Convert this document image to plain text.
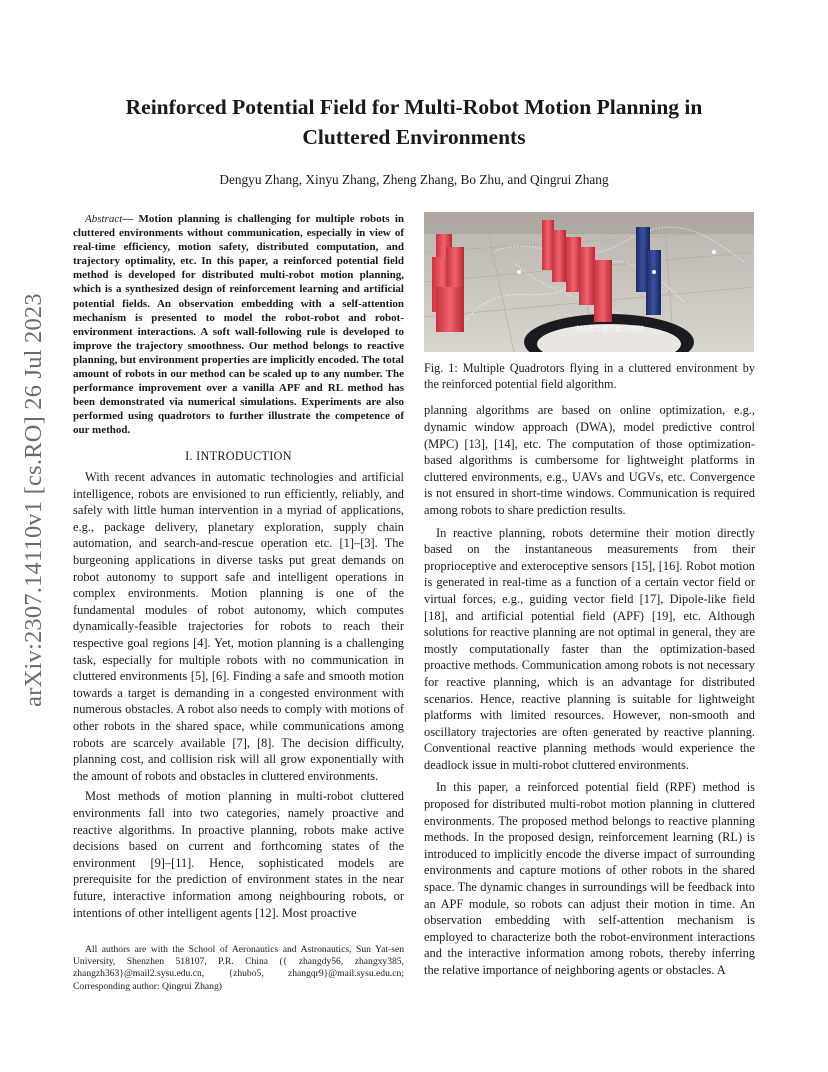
arXiv:2307.14110v1 [cs.RO] 26 Jul 2023
Reinforced Potential Field for Multi-Robot Motion Planning in
Cluttered Environments
Dengyu Zhang, Xinyu Zhang, Zheng Zhang, Bo Zhu, and Qingrui Zhang
Abstract— Motion planning is challenging for multiple robots in cluttered environments without communication, especially in view of real-time efficiency, motion safety, distributed computation, and trajectory optimality, etc. In this paper, a reinforced potential field method is developed for distributed multi-robot motion planning, which is a synthesized design of reinforcement learning and artificial potential fields. An observation embedding with a self-attention mechanism is presented to model the robot-robot and robot-environment interactions. A soft wall-following rule is developed to improve the trajectory smoothness. Our method belongs to reactive planning, but environment properties are implicitly encoded. The total amount of robots in our method can be scaled up to any number. The performance improvement over a vanilla APF and RL method has been demonstrated via numerical simulations. Experiments are also performed using quadrotors to further illustrate the competence of our method.
I. INTRODUCTION

With recent advances in automatic technologies and artificial intelligence, robots are envisioned to run efficiently, reliably, and safely with little human intervention in a myriad of applications, e.g., package delivery, planetary exploration, supply chain automation, and search-and-rescue operation etc. [1]–[3]. The burgeoning applications in diverse tasks put great demands on robot autonomy to support safe and intelligent operations in complex environments. Motion planning is one of the fundamental modules of robot autonomy, which computes dynamically-feasible trajectories for robots to reach their respective goal regions [4]. Yet, motion planning is a challenging task, especially for multiple robots with no communication in cluttered environments [5], [6]. Finding a safe and smooth motion towards a target is demanding in a congested environment with numerous obstacles. A robot also needs to comply with motions of other robots in the shared space, while communications among robots are scarcely available [7], [8]. The decision difficulty, planning cost, and collision risk will all grow exponentially with the amount of robots and obstacles in cluttered environments.

Most methods of motion planning in multi-robot cluttered environments fall into two categories, namely proactive and reactive algorithms. In proactive planning, robots make active decisions based on current and forthcoming states of the environment [9]–[11]. Hence, sophisticated models are prerequisite for the prediction of environment states in the near future, interactive information among neighbouring robots, or intentions of other intelligent agents [12]. Most proactive

All authors are with the School of Aeronautics and Astronautics, Sun Yat-sen University, Shenzhen 518107, P.R. China ({ zhangdy56, zhangxy385, zhangzh363}@mail2.sysu.edu.cn, {zhubo5, zhangqr9}@mail.sysu.edu.cn; Corresponding author: Qingrui Zhang)
中山大学航空航天学院
Fig. 1: Multiple Quadrotors flying in a cluttered environment by the reinforced potential field algorithm.

planning algorithms are based on online optimization, e.g., dynamic window approach (DWA), model predictive control (MPC) [13], [14], etc. The computation of those optimization-based algorithms is cumbersome for lightweight platforms in cluttered environments, e.g., UAVs and UGVs, etc. Convergence is not ensured in short-time windows. Communication is required among robots to share prediction results.

In reactive planning, robots determine their motion directly based on the instantaneous measurements from their proprioceptive and exteroceptive sensors [15], [16]. Robot motion is generated in real-time as a function of a certain vector field or virtual forces, e.g., guiding vector field [17], Dipole-like field [18], and artificial potential field (APF) [19], etc. Although solutions for reactive planning are not optimal in general, they are mostly computationally faster than the optimization-based proactive methods. Communication among robots is not necessary for reactive planning, which is an advantage for distributed scenarios. Hence, reactive planning is suitable for lightweight platforms with limited resources. However, non-smooth and oscillatory trajectories are often generated by reactive planning. Conventional reactive planning methods would experience the deadlock issue in multi-robot cluttered environments.

In this paper, a reinforced potential field (RPF) method is proposed for distributed multi-robot motion planning in cluttered environments. The proposed method belongs to reactive planning methods. In the proposed design, reinforcement learning (RL) is introduced to implicitly encode the diverse impact of surrounding environments and capture motions of other robots in the shared space. The dynamic changes in surroundings will be feedback into an APF module, so robots can adjust their motion in time. An observation embedding with self-attention mechanism is employed to characterize both the robot-environment interactions and the interactive information among robots, thereby inferring the relative importance of neighboring agents or obstacles. A
